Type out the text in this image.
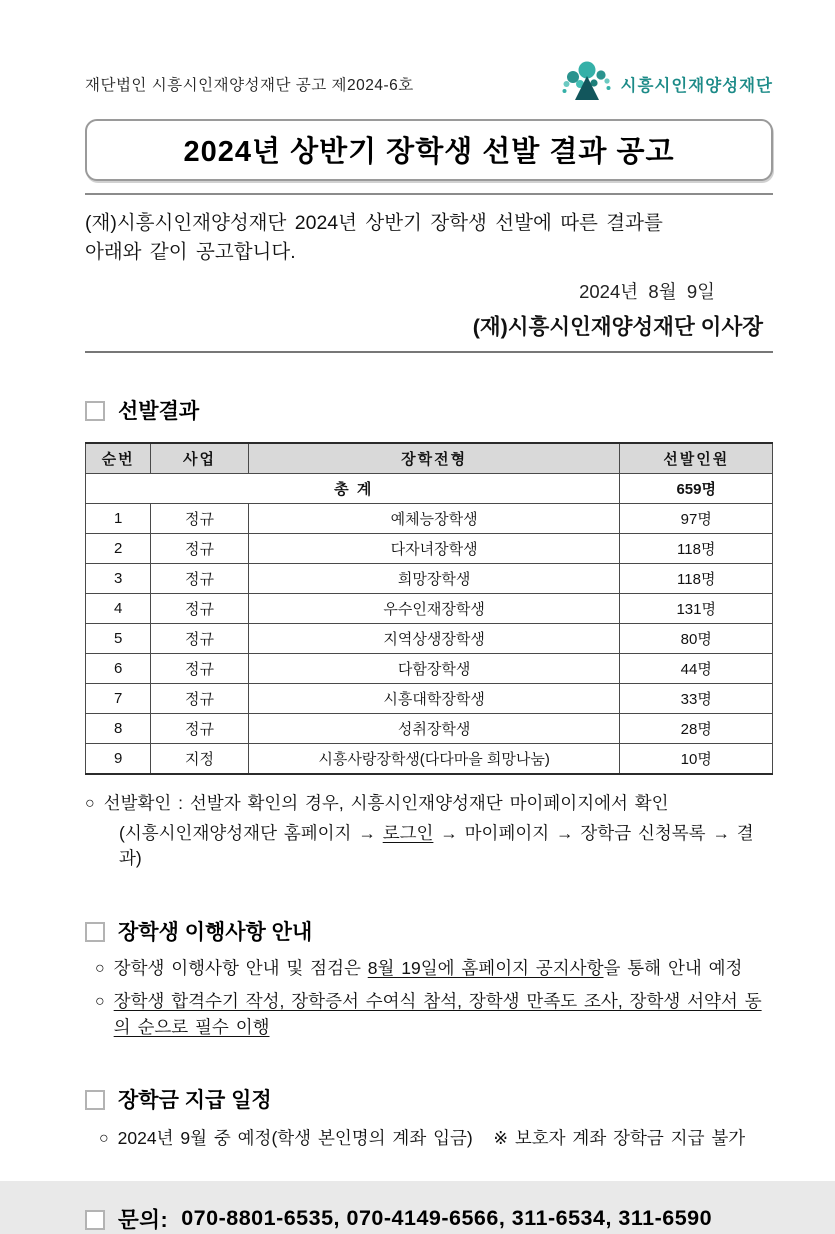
재단법인 시흥시인재양성재단 공고 제2024-6호	시흥시인재양성재단
2024년 상반기 장학생 선발 결과 공고
(재)시흥시인재양성재단 2024년 상반기 장학생 선발에 따른 결과를
아래와 같이 공고합니다.
2024년  8월  9일
(재)시흥시인재양성재단 이사장
선발결과
순번	사업	장학전형	선발인원
총  계			659명
1	정규	예체능장학생	97명
2	정규	다자녀장학생	118명
3	정규	희망장학생	118명
4	정규	우수인재장학생	131명
5	정규	지역상생장학생	80명
6	정규	다함장학생	44명
7	정규	시흥대학장학생	33명
8	정규	성취장학생	28명
9	지정	시흥사랑장학생(다다마을 희망나눔)	10명
○ 선발확인 : 선발자 확인의 경우, 시흥시인재양성재단 마이페이지에서 확인
(시흥시인재양성재단 홈페이지 → 로그인 → 마이페이지 → 장학금 신청목록 → 결과)
장학생 이행사항 안내
○ 장학생 이행사항 안내 및 점검은 8월 19일에 홈페이지 공지사항을 통해 안내 예정
○ 장학생 합격수기 작성, 장학증서 수여식 참석, 장학생 만족도 조사, 장학생 서약서 동의 순으로 필수 이행
장학금 지급 일정
○ 2024년 9월 중 예정(학생 본인명의 계좌 입금)   ※ 보호자 계좌 장학금 지급 불가
문의: 070-8801-6535, 070-4149-6566, 311-6534, 311-6590
